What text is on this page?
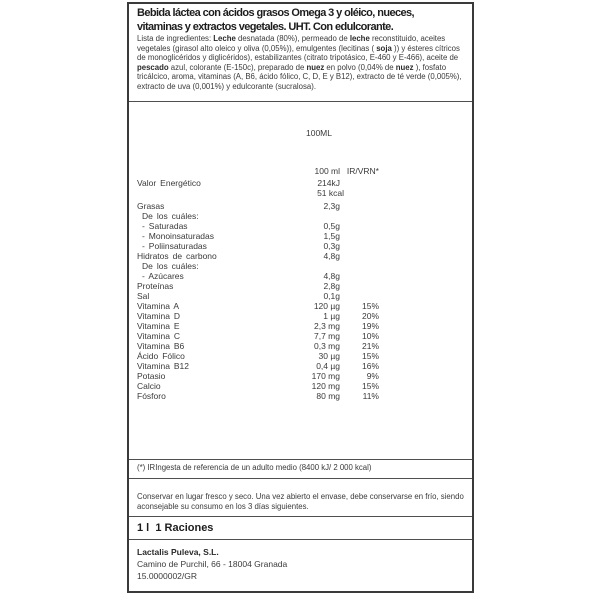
Bebida láctea con ácidos grasos Omega 3 y oléico, nueces,
vitaminas y extractos vegetales. UHT. Con edulcorante.

Lista de ingredientes: Leche desnatada (80%), permeado de leche reconstituido, aceites vegetales (girasol alto oleico y oliva (0,05%)), emulgentes (lecitinas ( soja )) y ésteres cítricos de monoglicéridos y diglicéridos), estabilizantes (citrato tripotásico, E-460 y E-466), aceite de pescado azul, colorante (E-150c), preparado de nuez en polvo (0,04% de nuez ), fosfato tricálcico, aroma, vitaminas (A, B6, ácido fólico, C, D, E y B12), extracto de té verde (0,005%), extracto de uva (0,001%) y edulcorante (sucralosa).

100ML
100 ml IR/VRN*
Valor Energético	214kJ
51 kcal
Grasas	2,3g
De los cuáles:
- Saturadas	0,5g
- Monoinsaturadas	1,5g
- Poliinsaturadas	0,3g
Hidratos de carbono	4,8g
De los cuáles:
- Azúcares	4,8g
Proteínas	2,8g
Sal	0,1g
Vitamina A	120 µg	15%
Vitamina D	1 µg	20%
Vitamina E	2,3 mg	19%
Vitamina C	7,7 mg	10%
Vitamina B6	0,3 mg	21%
Ácido Fólico	30 µg	15%
Vitamina B12	0,4 µg	16%
Potasio	170 mg	9%
Calcio	120 mg	15%
Fósforo	80 mg	11%
(*) IRIngesta de referencia de un adulto medio (8400 kJ/ 2 000 kcal)
Conservar en lugar fresco y seco. Una vez abierto el envase, debe conservarse en frío, siendo aconsejable su consumo en los 3 días siguientes.
1 l  1 Raciones
Lactalis Puleva, S.L.
Camino de Purchil, 66 - 18004 Granada
15.0000002/GR
